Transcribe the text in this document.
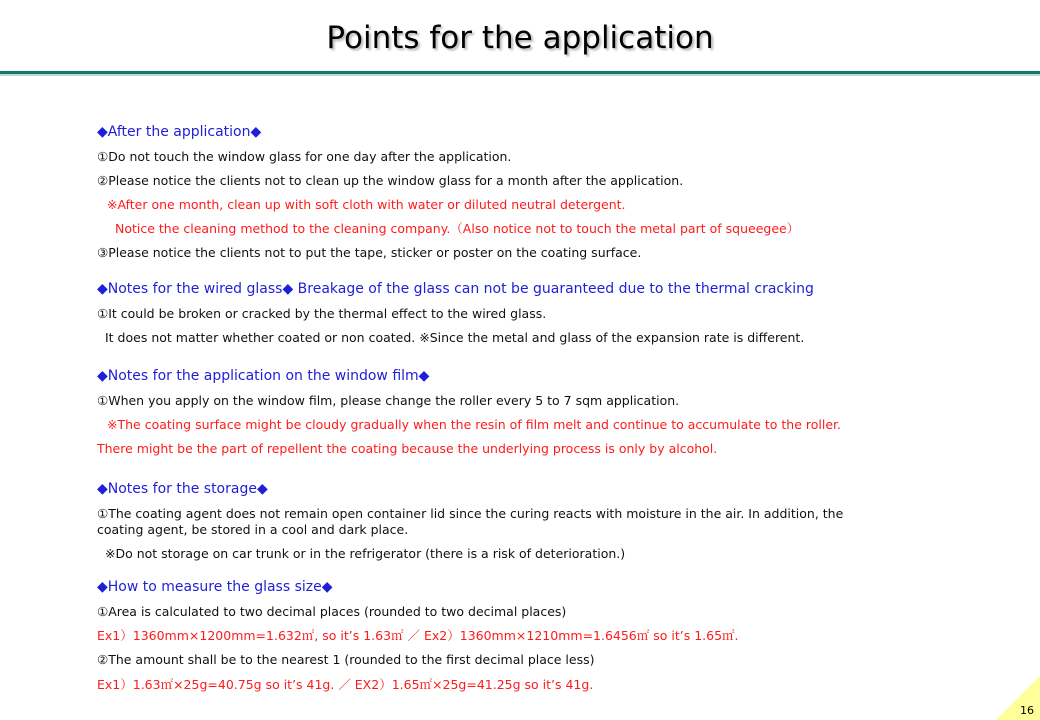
Points for the application
◆After the application◆
①Do not touch the window glass for one day after the application.
②Please notice the clients not to clean up the window glass for a month after the application.
※After one month, clean up with soft cloth with water or diluted neutral detergent.
Notice the cleaning method to the cleaning company.（Also notice not to touch the metal part of squeegee）
③Please notice the clients not to put the tape, sticker or poster on the coating surface.
◆Notes for the wired glass◆ Breakage of the glass can not be guaranteed due to the thermal cracking
①It could be broken or cracked by the thermal effect to the wired glass.
It does not matter whether coated or non coated. ※Since the metal and glass of the expansion rate is different.
◆Notes for the application on the window film◆
①When you apply on the window film, please change the roller every 5 to 7 sqm application.
※The coating surface might be cloudy gradually when the resin of film melt and continue to accumulate to the roller.
There might be the part of repellent the coating because the underlying process is only by alcohol.
◆Notes for the storage◆
①The coating agent does not remain open container lid since the curing reacts with moisture in the air. In addition, the coating agent, be stored in a cool and dark place.
※Do not storage on car trunk or in the refrigerator (there is a risk of deterioration.)
◆How to measure the glass size◆
①Area is calculated to two decimal places (rounded to two decimal places)
Ex1）1360mm×1200mm=1.632㎡, so it’s 1.63㎡ ／ Ex2）1360mm×1210mm=1.6456㎡ so it’s 1.65㎡.
②The amount shall be to the nearest 1 (rounded to the first decimal place less)
Ex1）1.63㎡×25g=40.75g so it’s 41g. ／ EX2）1.65㎡×25g=41.25g so it’s 41g.
16
